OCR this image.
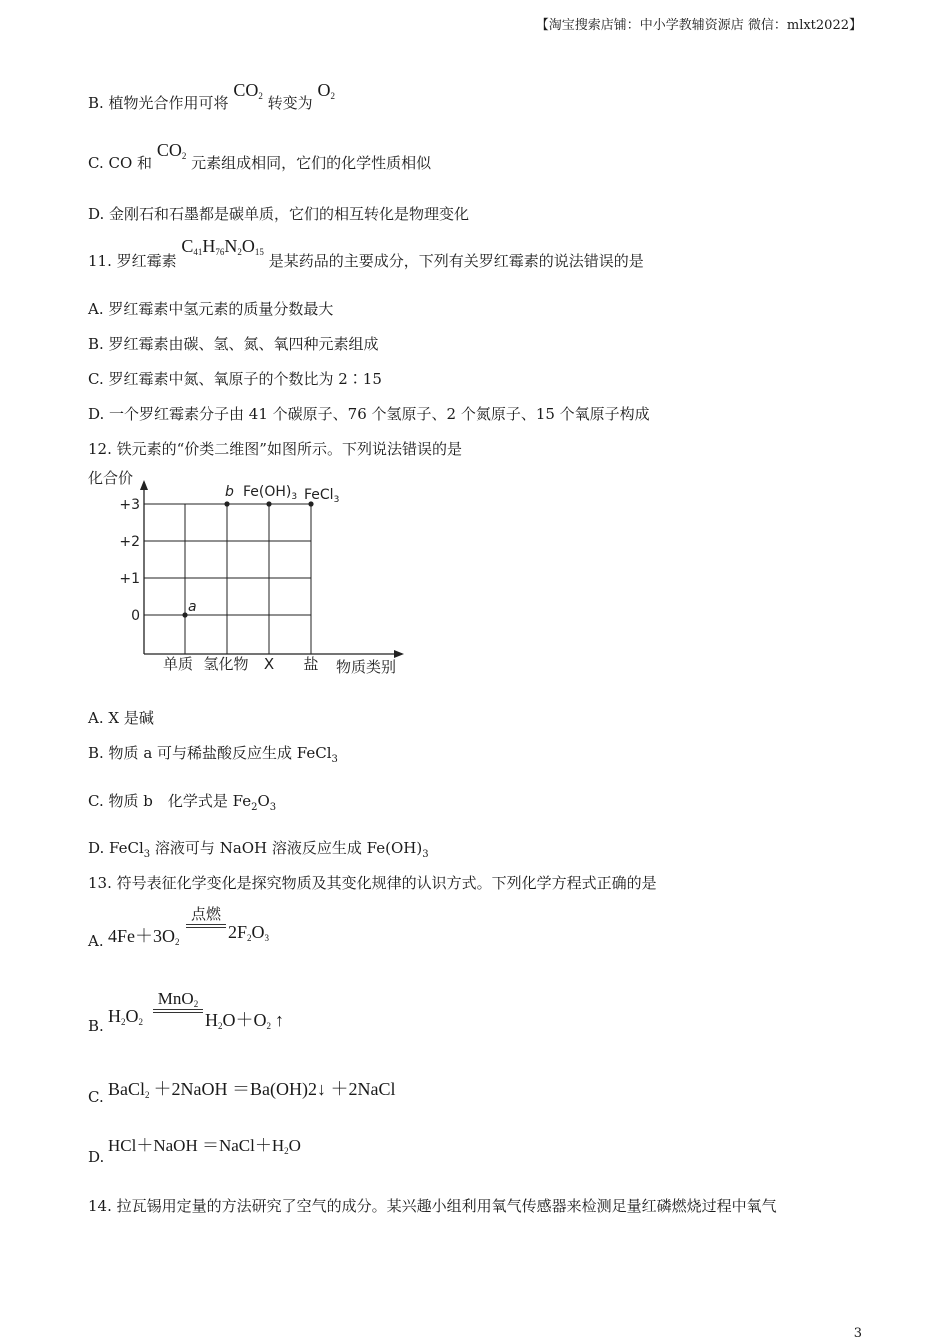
【淘宝搜索店铺：中小学教辅资源店 微信：mlxt2022】
B. 植物光合作用可将 CO2 转变为 O2
C. CO 和 CO2 元素组成相同，它们的化学性质相似
D. 金刚石和石墨都是碳单质，它们的相互转化是物理变化
11. 罗红霉素 C41H76N2O15 是某药品的主要成分，下列有关罗红霉素的说法错误的是
A. 罗红霉素中氢元素的质量分数最大
B. 罗红霉素由碳、氢、氮、氧四种元素组成
C. 罗红霉素中氮、氧原子的个数比为 2∶15
D. 一个罗红霉素分子由 41 个碳原子、76 个氢原子、2 个氮原子、15 个氧原子构成
12. 铁元素的“价类二维图”如图所示。下列说法错误的是
化合价
+3
+2
+1
0
单质 氢化物 X 盐 物质类别
a
b $Fe(OH)_3$ FeCl$_3$
A. X 是碱
B. 物质 a 可与稀盐酸反应生成 FeCl$_3$
C. 物质 b　化学式是 $Fe_2O_3$
D. FeCl$_3$ 溶液可与 NaOH 溶液反应生成 $Fe(OH)_3$
13. 符号表征化学变化是探究物质及其变化规律的认识方式。下列化学方程式正确的是
A. 4Fe＋3O2
点燃
2F2O3
B. H2O2
MnO2
H2O＋O2 ↑
C. BaCl2 ＋2NaOH ＝Ba(OH)2↓ ＋2NaCl
D.
HCl＋NaOH ＝NaCl＋H2O
14. 拉瓦锡用定量的方法研究了空气的成分。某兴趣小组利用氧气传感器来检测足量红磷燃烧过程中氧气
3
